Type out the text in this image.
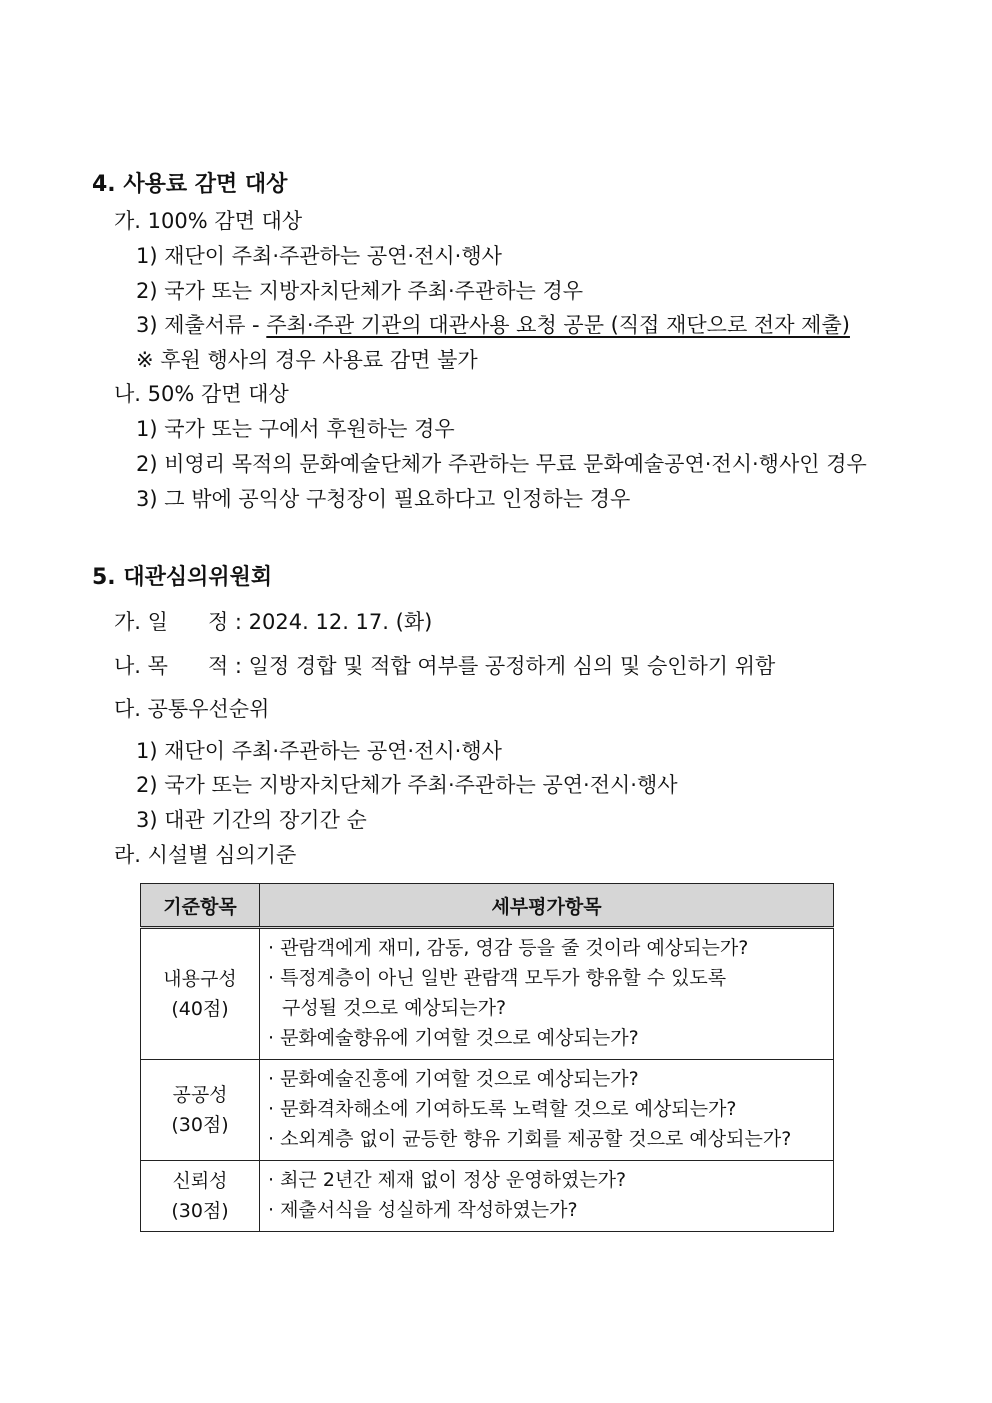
4. 사용료 감면 대상
가. 100% 감면 대상
1) 재단이 주최·주관하는 공연·전시·행사
2) 국가 또는 지방자치단체가 주최·주관하는 경우
3) 제출서류 - 주최·주관 기관의 대관사용 요청 공문 (직접 재단으로 전자 제출)
※ 후원 행사의 경우 사용료 감면 불가
나. 50% 감면 대상
1) 국가 또는 구에서 후원하는 경우
2) 비영리 목적의 문화예술단체가 주관하는 무료 문화예술공연·전시·행사인 경우
3) 그 밖에 공익상 구청장이 필요하다고 인정하는 경우
5. 대관심의위원회
가. 일      정 : 2024. 12. 17. (화)
나. 목      적 : 일정 경합 및 적합 여부를 공정하게 심의 및 승인하기 위함
다. 공통우선순위
1) 재단이 주최·주관하는 공연·전시·행사
2) 국가 또는 지방자치단체가 주최·주관하는 공연·전시·행사
3) 대관 기간의 장기간 순
라. 시설별 심의기준
기준항목	세부평가항목

내용구성
(40점)	· 관람객에게 재미, 감동, 영감 등을 줄 것이라 예상되는가?
· 특정계층이 아닌 일반 관람객 모두가 향유할 수 있도록
구성될 것으로 예상되는가?
· 문화예술향유에 기여할 것으로 예상되는가?

공공성
(30점)	· 문화예술진흥에 기여할 것으로 예상되는가?
· 문화격차해소에 기여하도록 노력할 것으로 예상되는가?
· 소외계층 없이 균등한 향유 기회를 제공할 것으로 예상되는가?

신뢰성
(30점)	· 최근 2년간 제재 없이 정상 운영하였는가?
· 제출서식을 성실하게 작성하였는가?
